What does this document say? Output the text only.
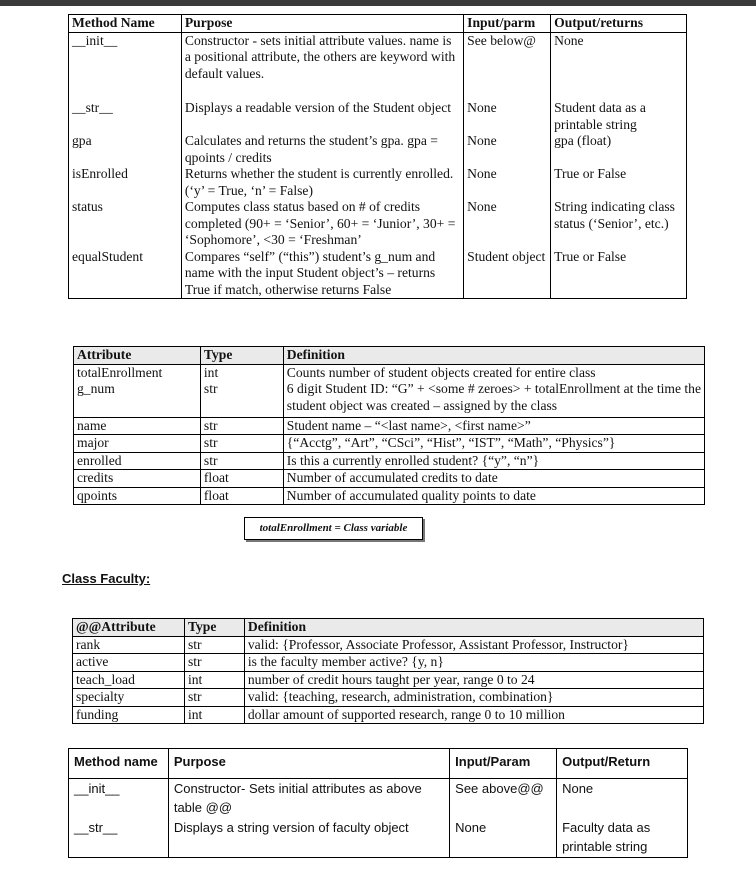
Method Name	Purpose	Input/parm	Output/returns
__init__	Constructor - sets initial attribute values. name is a positional attribute, the others are keyword with default values.	See below@	None
__str__	Displays a readable version of the Student object	None	Student data as a printable string
gpa	Calculates and returns the student’s gpa. gpa = qpoints / credits	None	gpa (float)
isEnrolled	Returns whether the student is currently enrolled. (‘y’ = True, ‘n’ = False)	None	True or False
status	Computes class status based on # of credits completed (90+ = ‘Senior’, 60+ = ‘Junior’, 30+ = ‘Sophomore’, <30 = ‘Freshman’	None	String indicating class status (‘Senior’, etc.)
equalStudent	Compares “self” (“this”) student’s g_num and name with the input Student object’s – returns True if match, otherwise returns False	Student object	True or False
Attribute	Type	Definition
totalEnrollment	int	Counts number of student objects created for entire class
g_num	str	6 digit Student ID: “G” + <some # zeroes> + totalEnrollment at the time the student object was created – assigned by the class
name	str	Student name – “<last name>, <first name>”
major	str	{“Acctg”, “Art”, “CSci”, “Hist”, “IST”, “Math”, “Physics”}
enrolled	str	Is this a currently enrolled student? {“y”, “n”}
credits	float	Number of accumulated credits to date
qpoints	float	Number of accumulated quality points to date
totalEnrollment = Class variable
Class Faculty:
@@Attribute	Type	Definition
rank	str	valid: {Professor, Associate Professor, Assistant Professor, Instructor}
active	str	is the faculty member active? {y, n}
teach_load	int	number of credit hours taught per year, range 0 to 24
specialty	str	valid: {teaching, research, administration, combination}
funding	int	dollar amount of supported research, range 0 to 10 million
Method name	Purpose	Input/Param	Output/Return
__init__	Constructor- Sets initial attributes as above table @@	See above@@	None
__str__	Displays a string version of faculty object	None	Faculty data as printable string
